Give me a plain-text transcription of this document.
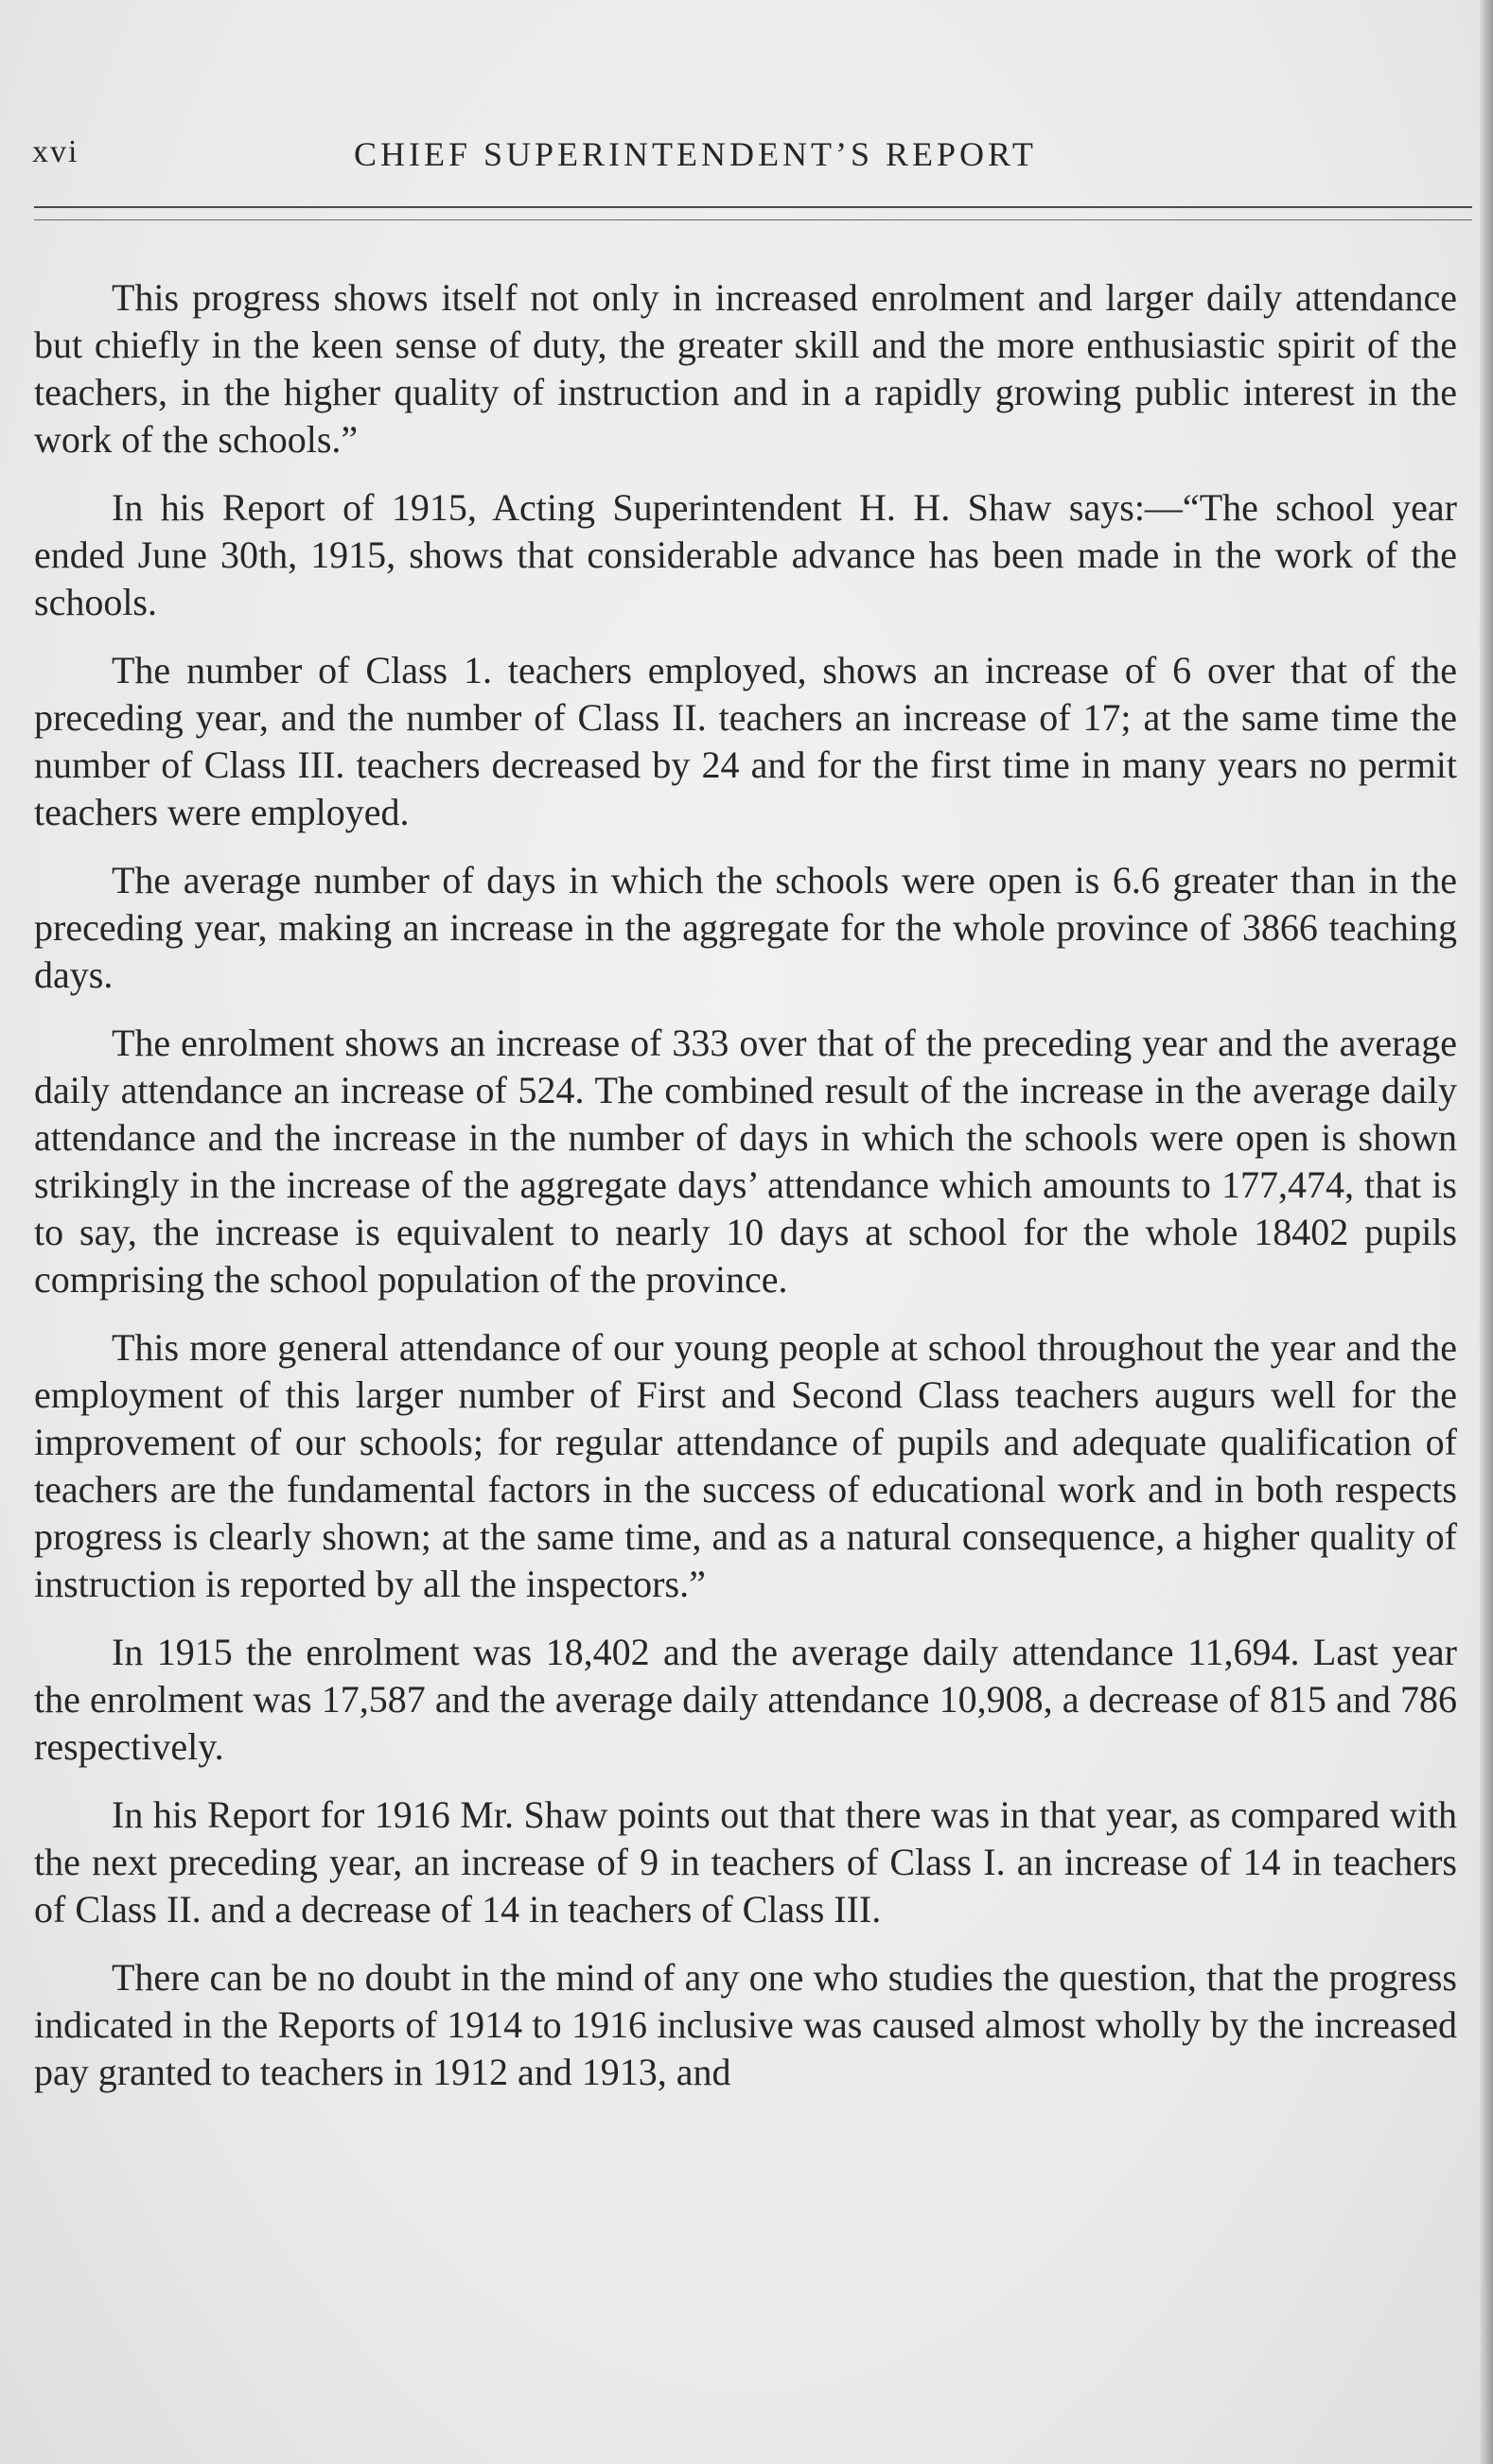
xvi	CHIEF SUPERINTENDENT’S REPORT

This progress shows itself not only in increased enrolment and larger daily attendance but chiefly in the keen sense of duty, the greater skill and the more enthusiastic spirit of the teachers, in the higher quality of instruction and in a rapidly growing public interest in the work of the schools.”

In his Report of 1915, Acting Superintendent H. H. Shaw says:—“The school year ended June 30th, 1915, shows that considerable advance has been made in the work of the schools.

The number of Class 1. teachers employed, shows an increase of 6 over that of the preceding year, and the number of Class II. teachers an increase of 17; at the same time the number of Class III. teachers decreased by 24 and for the first time in many years no permit teachers were employed.

The average number of days in which the schools were open is 6.6 greater than in the preceding year, making an increase in the aggregate for the whole province of 3866 teaching days.

The enrolment shows an increase of 333 over that of the preceding year and the average daily attendance an increase of 524. The combined result of the increase in the average daily attendance and the increase in the number of days in which the schools were open is shown strikingly in the increase of the aggregate days’ attendance which amounts to 177,474, that is to say, the increase is equivalent to nearly 10 days at school for the whole 18402 pupils comprising the school population of the province.

This more general attendance of our young people at school throughout the year and the employment of this larger number of First and Second Class teachers augurs well for the improvement of our schools; for regular attendance of pupils and adequate qualification of teachers are the fundamental factors in the success of educational work and in both respects progress is clearly shown; at the same time, and as a natural consequence, a higher quality of instruction is reported by all the inspectors.”

In 1915 the enrolment was 18,402 and the average daily attendance 11,694. Last year the enrolment was 17,587 and the average daily attendance 10,908, a decrease of 815 and 786 respectively.

In his Report for 1916 Mr. Shaw points out that there was in that year, as compared with the next preceding year, an increase of 9 in teachers of Class I. an increase of 14 in teachers of Class II. and a decrease of 14 in teachers of Class III.

There can be no doubt in the mind of any one who studies the question, that the progress indicated in the Reports of 1914 to 1916 inclusive was caused almost wholly by the increased pay granted to teachers in 1912 and 1913, and
